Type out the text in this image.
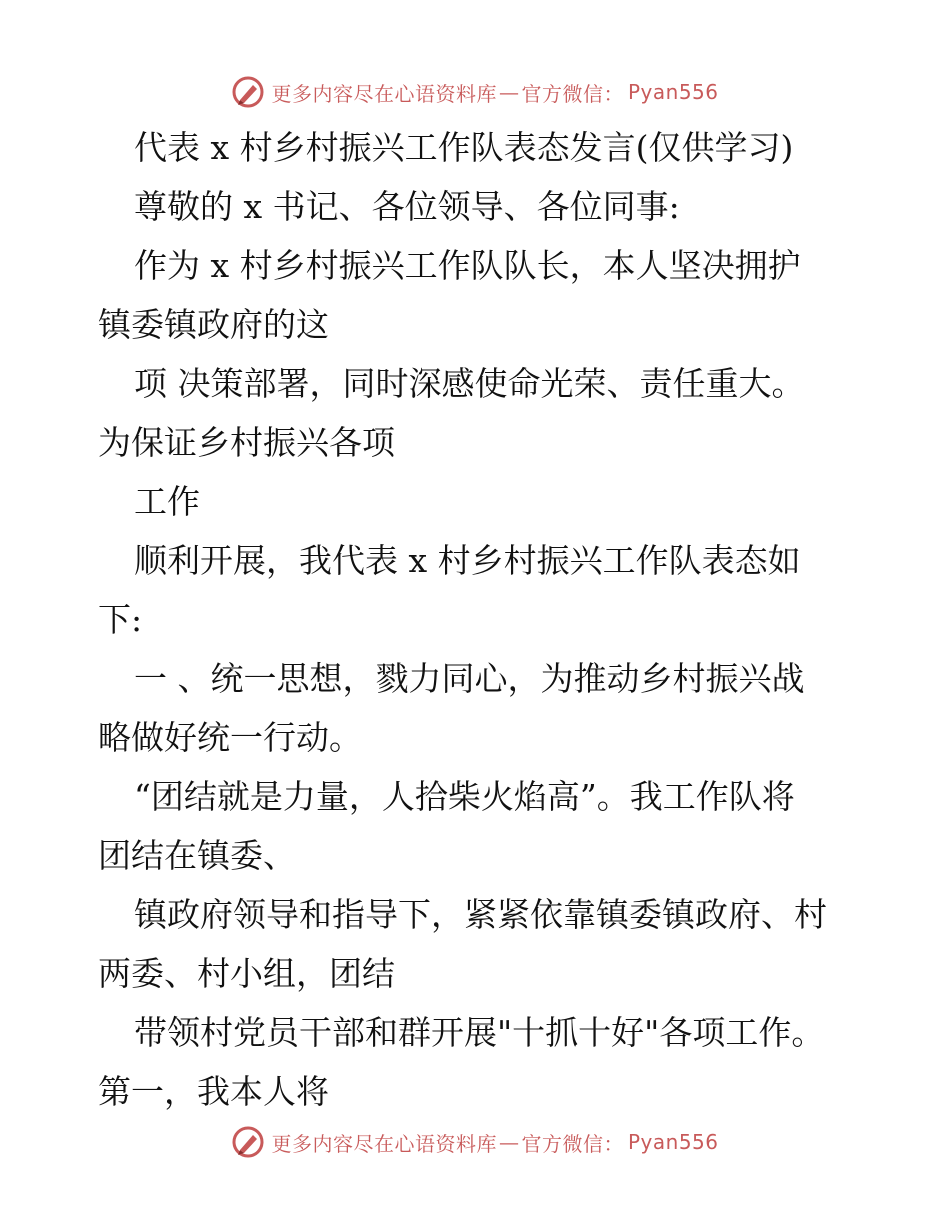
更多内容尽在心语资料库 — 官方微信： Pyan556
代表 x 村乡村振兴工作队表态发言(仅供学习)
尊敬的 x 书记、各位领导、各位同事:
作为 x 村乡村振兴工作队队长，本人坚决拥护
镇委镇政府的这
项 决策部署，同时深感使命光荣、责任重大。
为保证乡村振兴各项
工作
顺利开展，我代表 x 村乡村振兴工作队表态如
下:
一 、统一思想，戮力同心，为推动乡村振兴战
略做好统一行动。
“团结就是力量，人拾柴火焰高”。我工作队将
团结在镇委、
镇政府领导和指导下，紧紧依靠镇委镇政府、村
两委、村小组，团结
带领村党员干部和群开展"十抓十好"各项工作。
第一，我本人将
更多内容尽在心语资料库 — 官方微信： Pyan556
